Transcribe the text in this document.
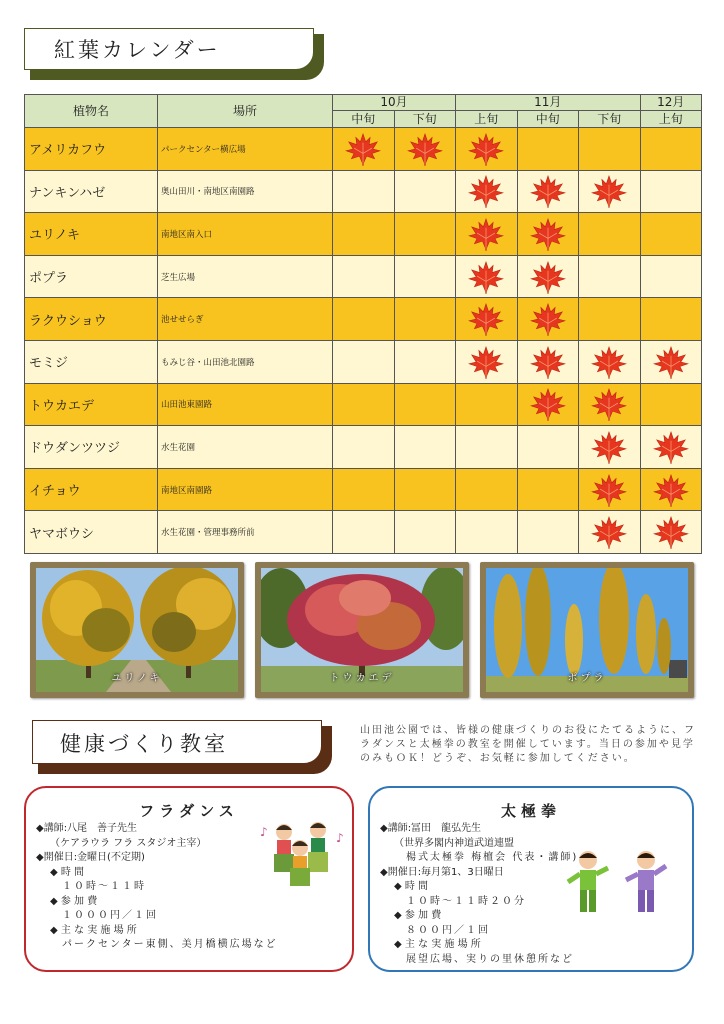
紅葉カレンダー
植物名	場所	10月		11月			12月
		中旬	下旬	上旬	中旬	下旬	上旬
アメリカフウ	パークセンター横広場	

ナンキンハゼ	奥山田川・南地区南園路			

ユリノキ	南地区南入口			

ポプラ	芝生広場			

ラクウショウ	池せせらぎ			

モミジ	もみじ谷・山田池北園路			

トウカエデ	山田池東園路				

ドウダンツツジ	水生花園					

イチョウ	南地区南園路					

ヤマボウシ	水生花園・管理事務所前					

ユリノキ	トウカエデ	ポプラ
健康づくり教室
山田池公園では、皆様の健康づくりのお役にたてるように、フラダンスと太極拳の教室を開催しています。当日の参加や見学のみもＯＫ！どうぞ、お気軽に参加してください。
フラダンス
◆講師:八尾　善子先生
（ケアラウラ フラ スタジオ主宰）
◆開催日:金曜日(不定期)
◆ 時 間
１０時～１１時
◆ 参 加 費
１０００円／１回
◆ 主 な 実 施 場 所
パークセンター東側、美月橋横広場など
♪	♪
太極拳
◆講師:冨田　龍弘先生
（世界多閣内神道武道連盟
楊式太極拳 梅檀会 代表・講師)
◆開催日:毎月第1、3日曜日
◆ 時 間
１０時～１１時２０分
◆ 参 加 費
８００円／１回
◆ 主 な 実 施 場 所
展望広場、実りの里休憩所など
